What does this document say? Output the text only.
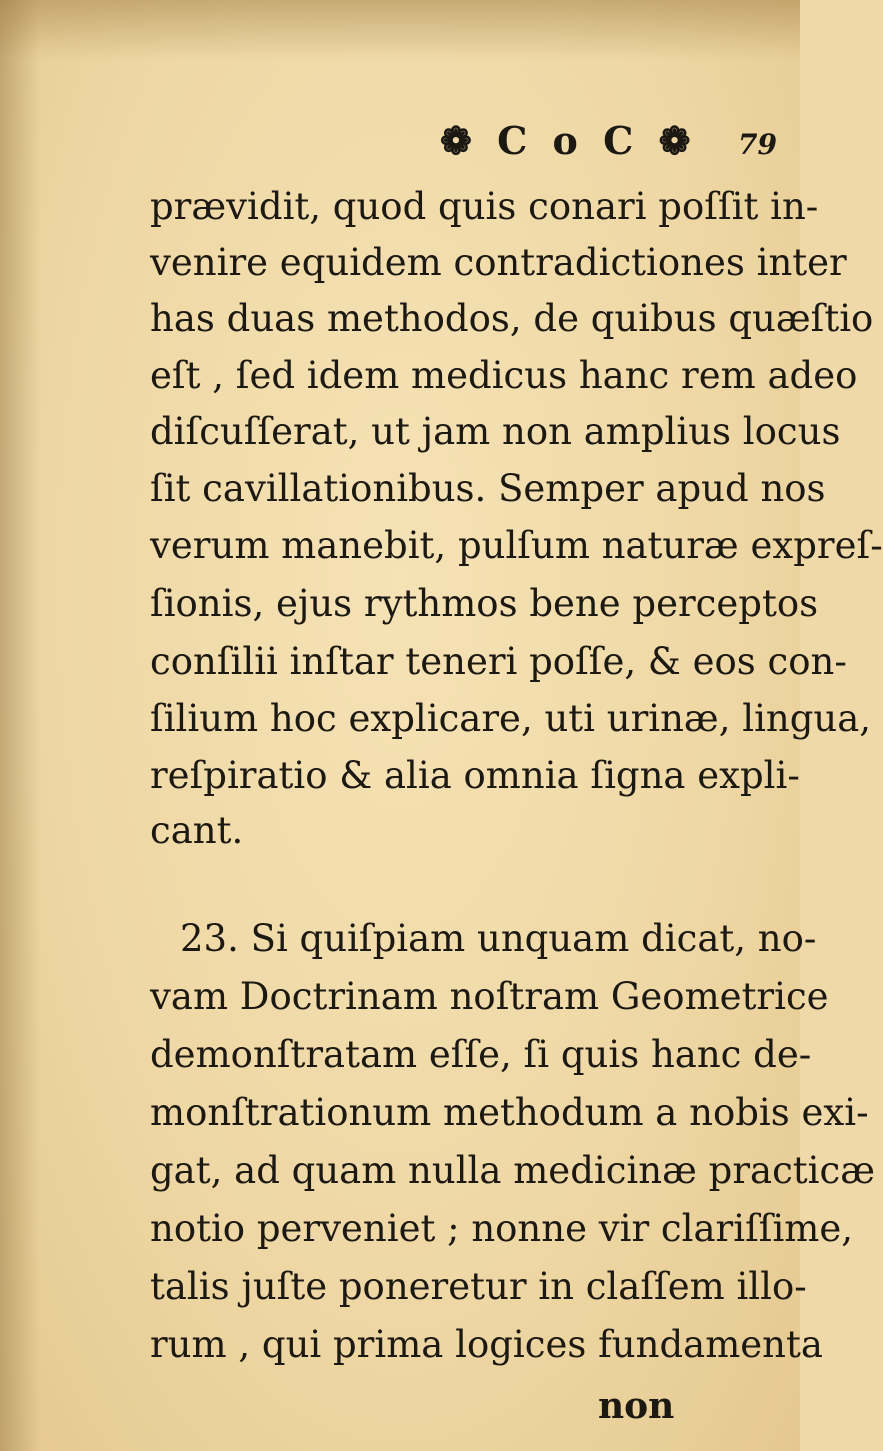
❁ C o C ❁ 79
prævidit, quod quis conari poſſit in-
venire equidem contradictiones inter
has duas methodos, de quibus quæſtio
eſt , ſed idem medicus hanc rem adeo
diſcuſſerat, ut jam non amplius locus
ſit cavillationibus. Semper apud nos
verum manebit, pulſum naturæ expreſ-
ſionis, ejus rythmos bene perceptos
conſilii inſtar teneri poſſe, & eos con-
ſilium hoc explicare, uti urinæ, lingua,
reſpiratio & alia omnia ſigna expli-
cant.
23. Si quiſpiam unquam dicat, no-
vam Doctrinam noſtram Geometrice
demonſtratam eſſe, ſi quis hanc de-
monſtrationum methodum a nobis exi-
gat, ad quam nulla medicinæ practicæ
notio perveniet ; nonne vir clariſſime,
talis juſte poneretur in claſſem illo-
rum , qui prima logices fundamenta
non
